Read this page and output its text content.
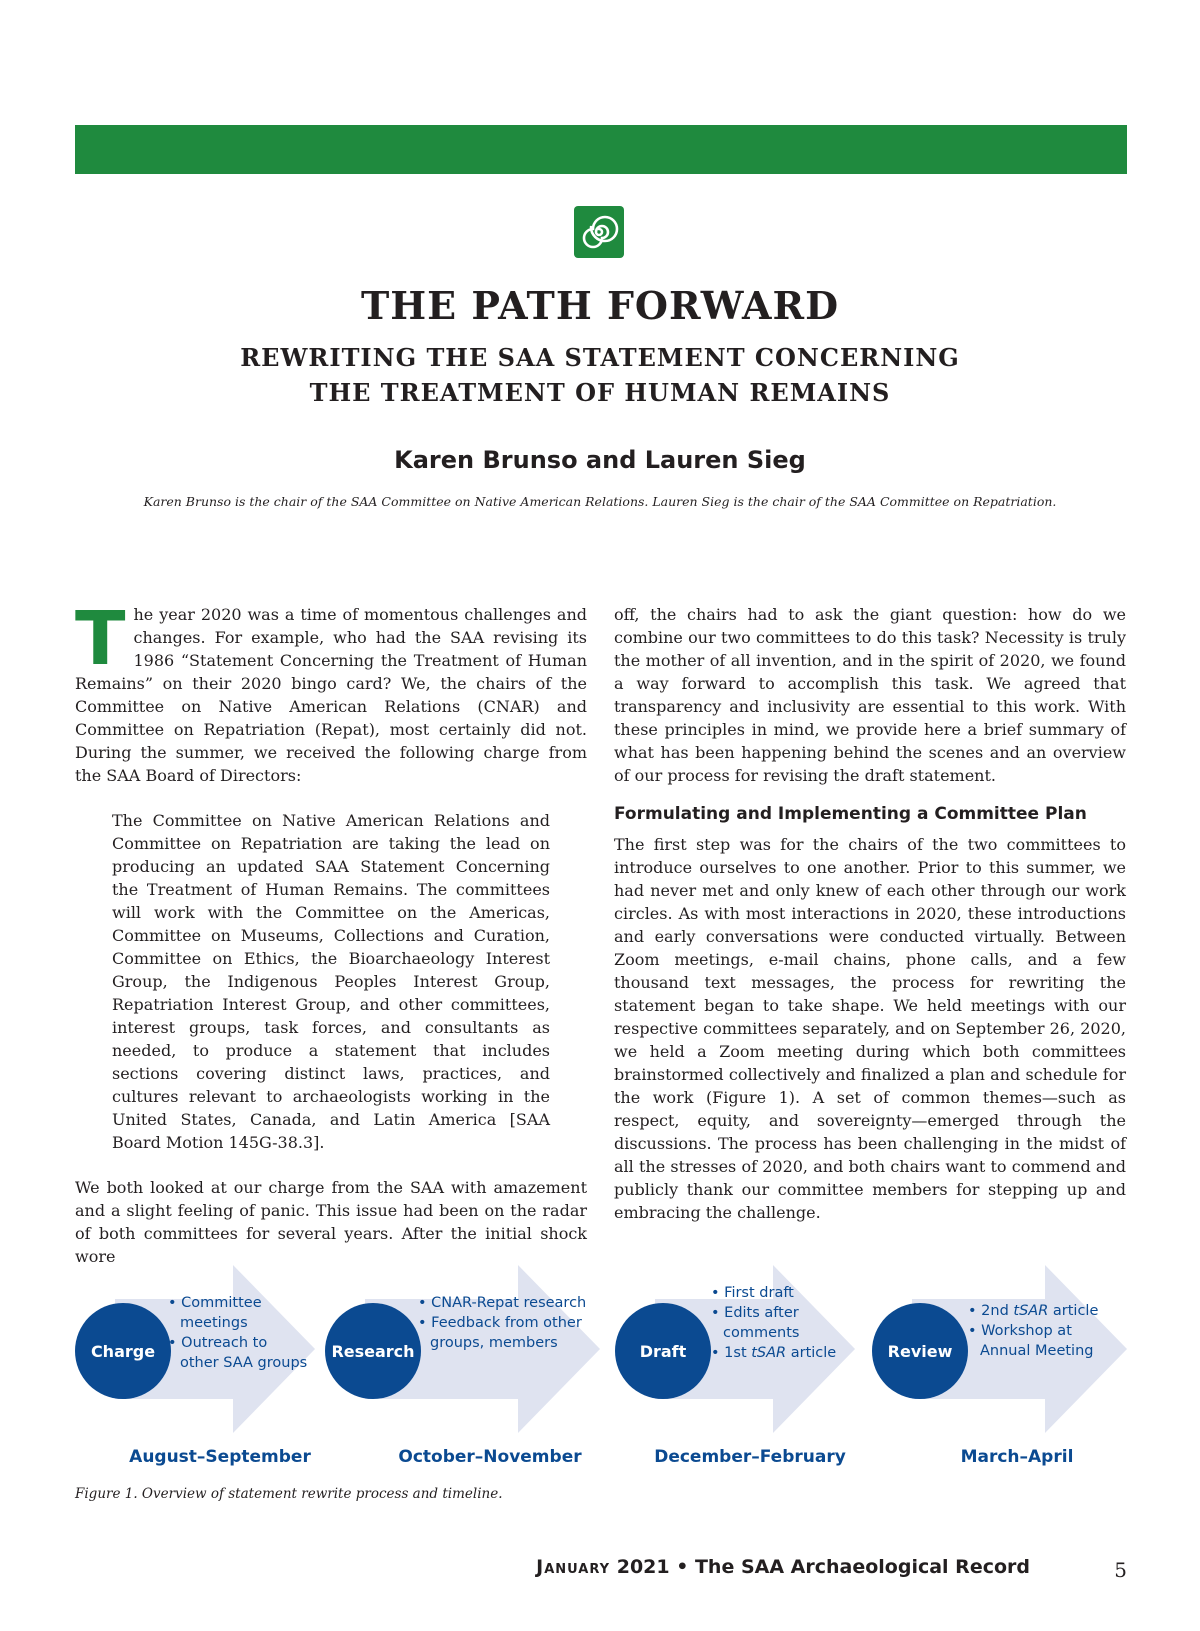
THE PATH FORWARD
REWRITING THE SAA STATEMENT CONCERNING
THE TREATMENT OF HUMAN REMAINS
Karen Brunso and Lauren Sieg
Karen Brunso is the chair of the SAA Committee on Native American Relations. Lauren Sieg is the chair of the SAA Committee on Repatriation.

The year 2020 was a time of momentous challenges and changes. For example, who had the SAA revising its 1986 “Statement Concerning the Treatment of Human Remains” on their 2020 bingo card? We, the chairs of the Committee on Native American Relations (CNAR) and Committee on Repatriation (Repat), most certainly did not. During the summer, we received the following charge from the SAA Board of Directors:

The Committee on Native American Relations and Committee on Repatriation are taking the lead on producing an updated SAA Statement Concerning the Treatment of Human Remains. The committees will work with the Committee on the Americas, Committee on Museums, Collections and Curation, Committee on Ethics, the Bioarchaeology Interest Group, the Indigenous Peoples Interest Group, Repatriation Interest Group, and other committees, interest groups, task forces, and consultants as needed, to produce a statement that includes sections covering distinct laws, practices, and cultures relevant to archaeologists working in the United States, Canada, and Latin America [SAA Board Motion 145G-38.3].

We both looked at our charge from the SAA with amazement and a slight feeling of panic. This issue had been on the radar of both committees for several years. After the initial shock wore

off, the chairs had to ask the giant question: how do we combine our two committees to do this task? Necessity is truly the mother of all invention, and in the spirit of 2020, we found a way forward to accomplish this task. We agreed that transparency and inclusivity are essential to this work. With these principles in mind, we provide here a brief summary of what has been happening behind the scenes and an overview of our process for revising the draft statement.

Formulating and Implementing a Committee Plan

The first step was for the chairs of the two committees to introduce ourselves to one another. Prior to this summer, we had never met and only knew of each other through our work circles. As with most interactions in 2020, these introductions and early conversations were conducted virtually. Between Zoom meetings, e-mail chains, phone calls, and a few thousand text messages, the process for rewriting the statement began to take shape. We held meetings with our respective committees separately, and on September 26, 2020, we held a Zoom meeting during which both committees brainstormed collectively and finalized a plan and schedule for the work (Figure 1). A set of common themes—such as respect, equity, and sovereignty—emerged through the discussions. The process has been challenging in the midst of all the stresses of 2020, and both chairs want to commend and publicly thank our committee members for stepping up and embracing the challenge.

Charge
• Committee meetings
• Outreach to other SAA groups
August–September
Research
• CNAR-Repat research
• Feedback from other groups, members
October–November
Draft
• First draft
• Edits after comments
• 1st tSAR article
December–February
Review
• 2nd tSAR article
• Workshop at Annual Meeting
March–April
Figure 1. Overview of statement rewrite process and timeline.
January 2021 • The SAA Archaeological Record	5
